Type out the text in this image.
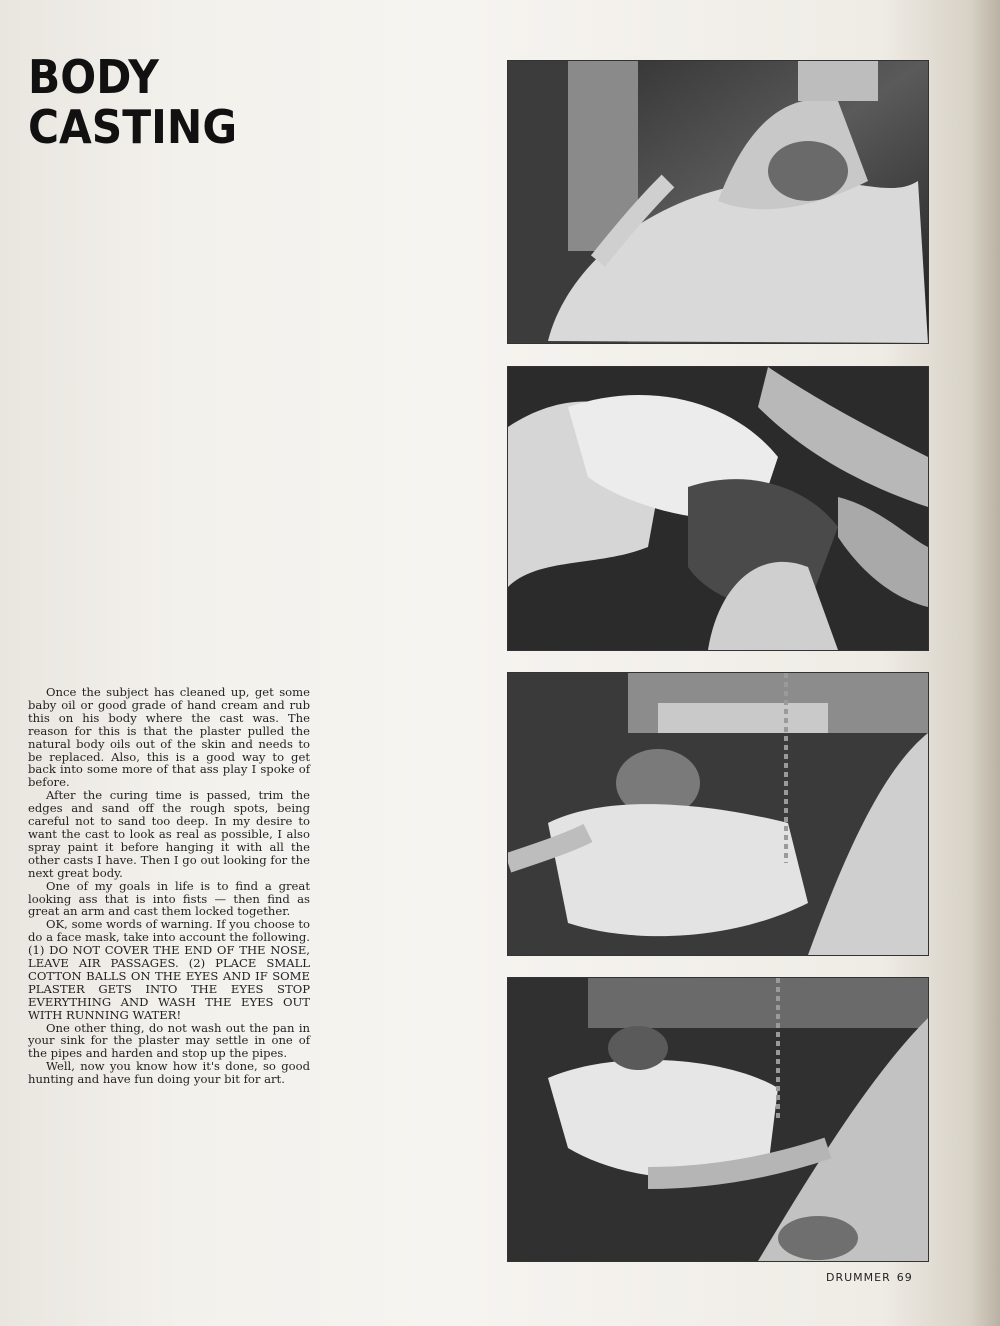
BODY
CASTING

Once the subject has cleaned up, get some baby oil or good grade of hand cream and rub this on his body where the cast was. The reason for this is that the plaster pulled the natural body oils out of the skin and needs to be replaced. Also, this is a good way to get back into some more of that ass play I spoke of before.

After the curing time is passed, trim the edges and sand off the rough spots, being careful not to sand too deep. In my desire to want the cast to look as real as possible, I also spray paint it before hanging it with all the other casts I have. Then I go out looking for the next great body.

One of my goals in life is to find a great looking ass that is into fists — then find as great an arm and cast them locked together.

OK, some words of warning. If you choose to do a face mask, take into account the following. (1) DO NOT COVER THE END OF THE NOSE, LEAVE AIR PASSAGES. (2) PLACE SMALL COTTON BALLS ON THE EYES AND IF SOME PLASTER GETS INTO THE EYES STOP EVERYTHING AND WASH THE EYES OUT WITH RUNNING WATER!

One other thing, do not wash out the pan in your sink for the plaster may settle in one of the pipes and harden and stop up the pipes.

Well, now you know how it's done, so good hunting and have fun doing your bit for art.

DRUMMER 69
